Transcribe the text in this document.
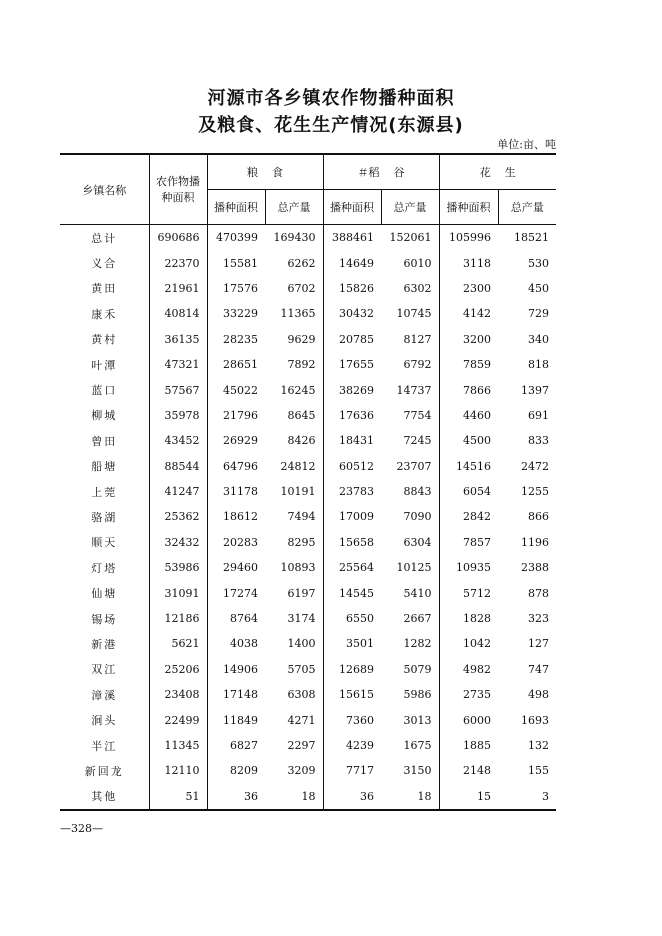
河源市各乡镇农作物播种面积
及粮食、花生生产情况(东源县)
单位:亩、吨
乡镇名称	农作物播种面积	粮    食		＃稻    谷		花    生	
		播种面积	总产量	播种面积	总产量	播种面积	总产量
总计	690686	470399	169430	388461	152061	105996	18521
义合	22370	15581	6262	14649	6010	3118	530
黄田	21961	17576	6702	15826	6302	2300	450
康禾	40814	33229	11365	30432	10745	4142	729
黄村	36135	28235	9629	20785	8127	3200	340
叶潭	47321	28651	7892	17655	6792	7859	818
蓝口	57567	45022	16245	38269	14737	7866	1397
柳城	35978	21796	8645	17636	7754	4460	691
曾田	43452	26929	8426	18431	7245	4500	833
船塘	88544	64796	24812	60512	23707	14516	2472
上莞	41247	31178	10191	23783	8843	6054	1255
骆湖	25362	18612	7494	17009	7090	2842	866
顺天	32432	20283	8295	15658	6304	7857	1196
灯塔	53986	29460	10893	25564	10125	10935	2388
仙塘	31091	17274	6197	14545	5410	5712	878
锡场	12186	8764	3174	6550	2667	1828	323
新港	5621	4038	1400	3501	1282	1042	127
双江	25206	14906	5705	12689	5079	4982	747
漳溪	23408	17148	6308	15615	5986	2735	498
涧头	22499	11849	4271	7360	3013	6000	1693
半江	11345	6827	2297	4239	1675	1885	132
新回龙	12110	8209	3209	7717	3150	2148	155
其他	51	36	18	36	18	15	3
—328—
